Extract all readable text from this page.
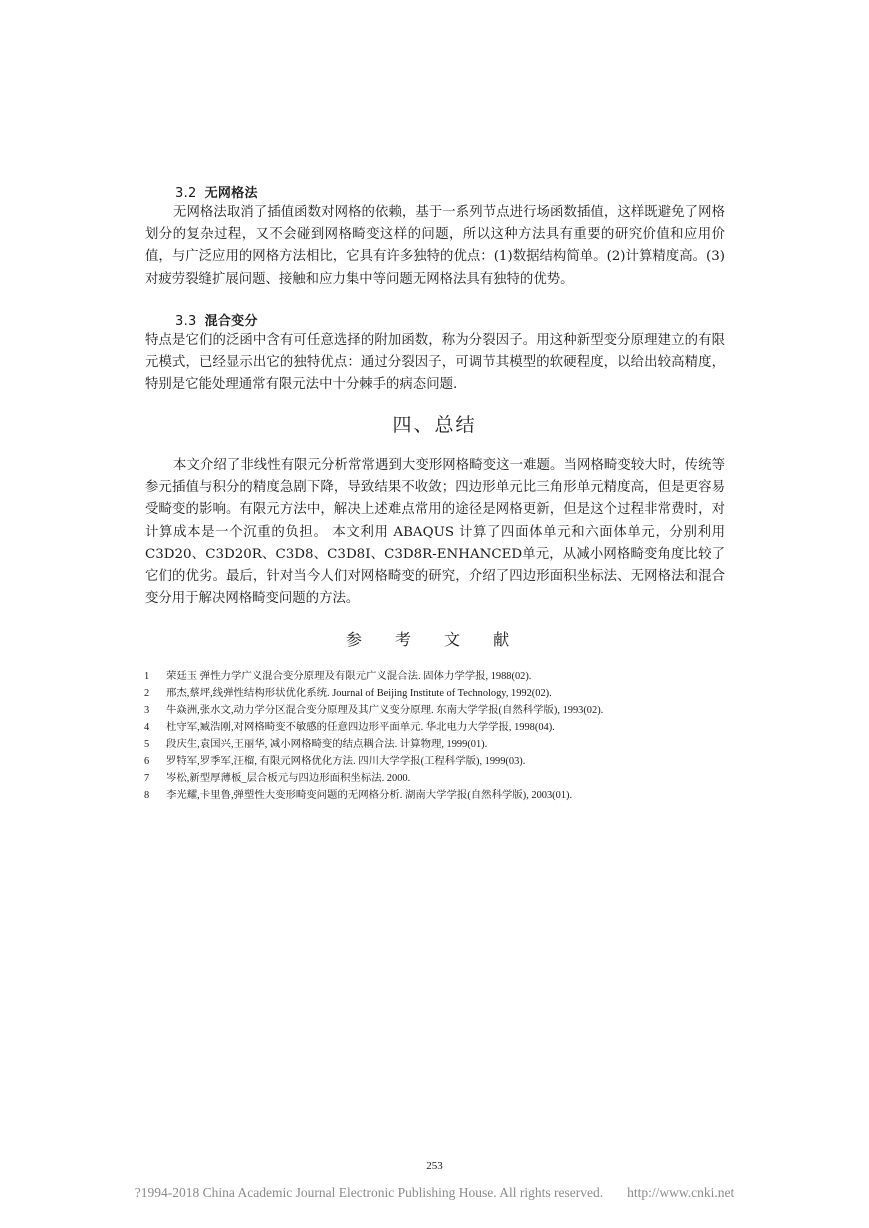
3.2 无网格法

无网格法取消了插值函数对网格的依赖，基于一系列节点进行场函数插值，这样既避免了网格划分的复杂过程，又不会碰到网格畸变这样的问题，所以这种方法具有重要的研究价值和应用价值，与广泛应用的网格方法相比，它具有许多独特的优点：(1)数据结构简单。(2)计算精度高。(3)对疲劳裂缝扩展问题、接触和应力集中等问题无网格法具有独特的优势。

3.3 混合变分

特点是它们的泛函中含有可任意选择的附加函数，称为分裂因子。用这种新型变分原理建立的有限元模式，已经显示出它的独特优点：通过分裂因子，可调节其模型的软硬程度，以给出较高精度，特别是它能处理通常有限元法中十分棘手的病态问题.

四、总结

本文介绍了非线性有限元分析常常遇到大变形网格畸变这一难题。当网格畸变较大时，传统等参元插值与积分的精度急剧下降，导致结果不收敛；四边形单元比三角形单元精度高，但是更容易受畸变的影响。有限元方法中，解决上述难点常用的途径是网格更新，但是这个过程非常费时，对计算成本是一个沉重的负担。 本文利用 ABAQUS 计算了四面体单元和六面体单元，分别利用 C3D20、C3D20R、C3D8、C3D8I、C3D8R-ENHANCED单元，从减小网格畸变角度比较了它们的优劣。最后，针对当今人们对网格畸变的研究，介绍了四边形面积坐标法、无网格法和混合变分用于解决网格畸变问题的方法。

参 考 文 献
1 荣廷玉 弹性力学广义混合变分原理及有限元广义混合法. 固体力学学报, 1988(02).
2 邢杰,蔡坪,线弹性结构形状优化系统. Journal of Beijing Institute of Technology, 1992(02).
3 牛焱洲,张水文,动力学分区混合变分原理及其广义变分原理. 东南大学学报(自然科学版), 1993(02).
4 杜守军,臧浩刚,对网格畸变不敏感的任意四边形平面单元. 华北电力大学学报, 1998(04).
5 段庆生,袁国兴,王丽华, 减小网格畸变的结点耦合法. 计算物理, 1999(01).
6 罗特军,罗季军,汪榴, 有限元网格优化方法. 四川大学学报(工程科学版), 1999(03).
7 岑松,新型厚薄板_层合板元与四边形面积坐标法. 2000.
8 李光耀,卡里鲁,弹塑性大变形畸变问题的无网格分析. 湖南大学学报(自然科学版), 2003(01).
253
?1994-2018 China Academic Journal Electronic Publishing House. All rights reserved. http://www.cnki.net
